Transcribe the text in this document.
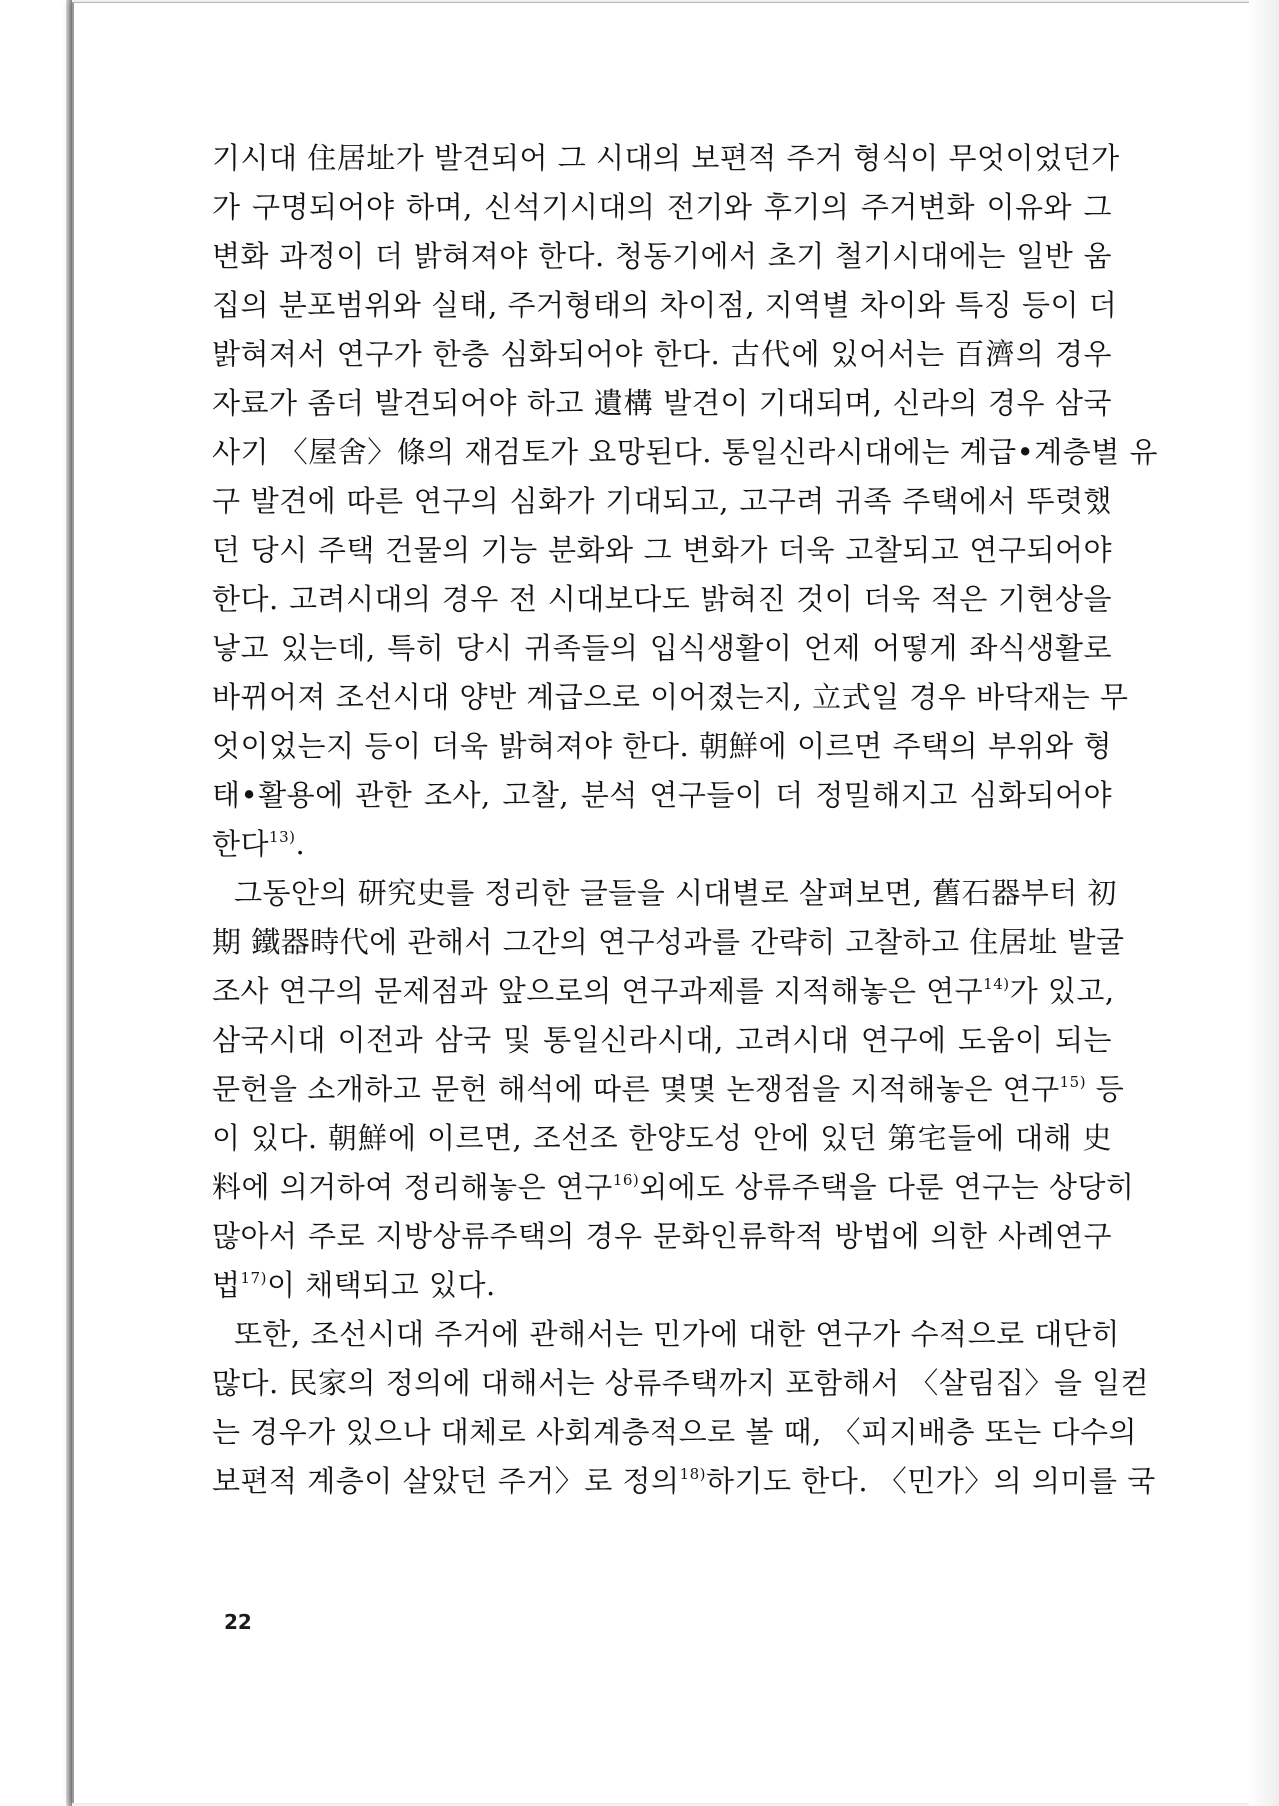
기시대 住居址가 발견되어 그 시대의 보편적 주거 형식이 무엇이었던가
가 구명되어야 하며, 신석기시대의 전기와 후기의 주거변화 이유와 그
변화 과정이 더 밝혀져야 한다. 청동기에서 초기 철기시대에는 일반 움
집의 분포범위와 실태, 주거형태의 차이점, 지역별 차이와 특징 등이 더
밝혀져서 연구가 한층 심화되어야 한다. 古代에 있어서는 百濟의 경우
자료가 좀더 발견되어야 하고 遺構 발견이 기대되며, 신라의 경우 삼국
사기 〈屋舍〉條의 재검토가 요망된다. 통일신라시대에는 계급•계층별 유
구 발견에 따른 연구의 심화가 기대되고, 고구려 귀족 주택에서 뚜렷했
던 당시 주택 건물의 기능 분화와 그 변화가 더욱 고찰되고 연구되어야
한다. 고려시대의 경우 전 시대보다도 밝혀진 것이 더욱 적은 기현상을
낳고 있는데, 특히 당시 귀족들의 입식생활이 언제 어떻게 좌식생활로
바뀌어져 조선시대 양반 계급으로 이어졌는지, 立式일 경우 바닥재는 무
엇이었는지 등이 더욱 밝혀져야 한다. 朝鮮에 이르면 주택의 부위와 형
태•활용에 관한 조사, 고찰, 분석 연구들이 더 정밀해지고 심화되어야
한다$^{13)}$.
그동안의 研究史를 정리한 글들을 시대별로 살펴보면, 舊石器부터 初
期 鐵器時代에 관해서 그간의 연구성과를 간략히 고찰하고 住居址 발굴
조사 연구의 문제점과 앞으로의 연구과제를 지적해놓은 연구$^{14)}$가 있고,
삼국시대 이전과 삼국 및 통일신라시대, 고려시대 연구에 도움이 되는
문헌을 소개하고 문헌 해석에 따른 몇몇 논쟁점을 지적해놓은 연구$^{15)}$ 등
이 있다. 朝鮮에 이르면, 조선조 한양도성 안에 있던 第宅들에 대해 史
料에 의거하여 정리해놓은 연구$^{16)}$외에도 상류주택을 다룬 연구는 상당히
많아서 주로 지방상류주택의 경우 문화인류학적 방법에 의한 사례연구
법$^{17)}$이 채택되고 있다.
또한, 조선시대 주거에 관해서는 민가에 대한 연구가 수적으로 대단히
많다. 民家의 정의에 대해서는 상류주택까지 포함해서 〈살림집〉을 일컫
는 경우가 있으나 대체로 사회계층적으로 볼 때, 〈피지배층 또는 다수의
보편적 계층이 살았던 주거〉로 정의$^{18)}$하기도 한다. 〈민가〉의 의미를 국
22
